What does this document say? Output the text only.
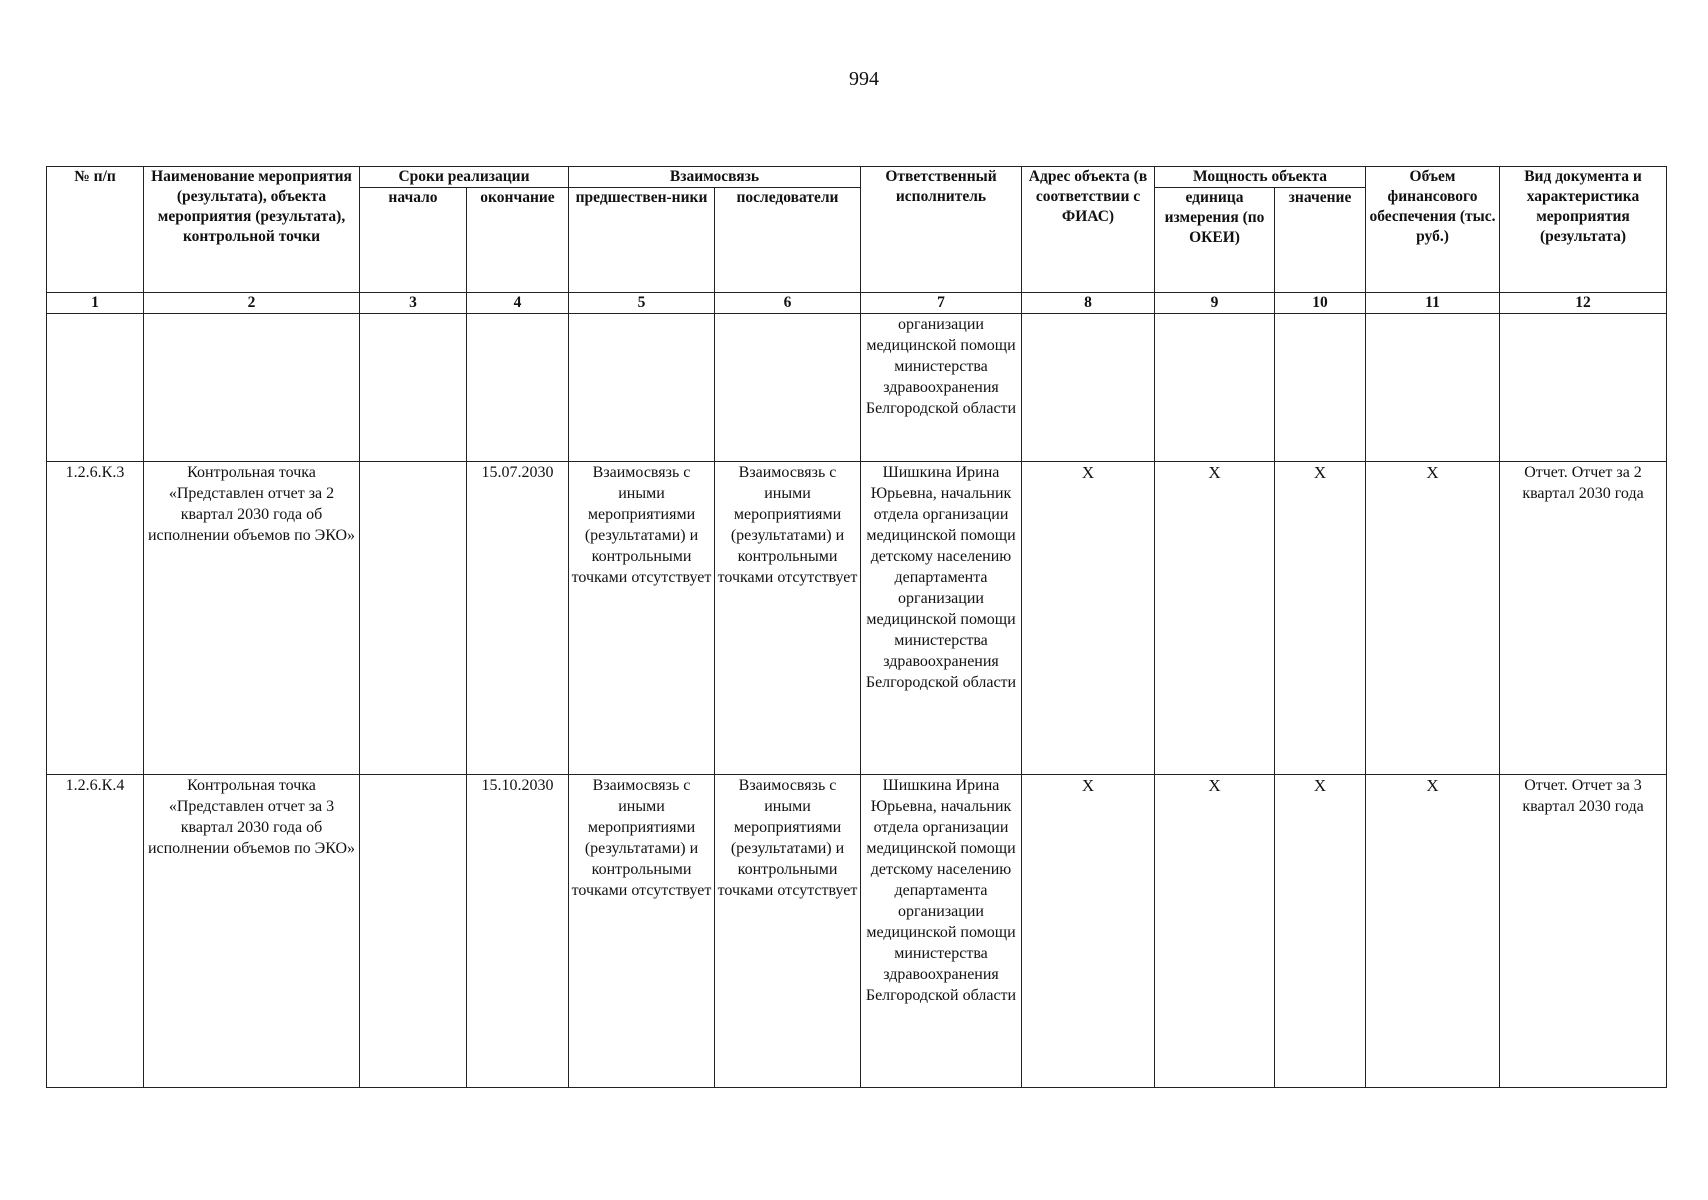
994
№ п/п	Наименование мероприятия (результата), объекта мероприятия (результата), контрольной точки	Сроки реализации		Взаимосвязь		Ответственный исполнитель	Адрес объекта (в соответствии с ФИАС)	Мощность объекта		Объем финансового обеспечения (тыс. руб.)	Вид документа и характеристика мероприятия (результата)
		начало	окончание	предшествен-ники	последователи			единица измерения (по ОКЕИ)	значение		
1	2	3	4	5	6	7	8	9	10	11	12
						организации медицинской помощи министерства здравоохранения Белгородской области					
1.2.6.К.3	Контрольная точка «Представлен отчет за 2 квартал 2030 года об исполнении объемов по ЭКО»		15.07.2030	Взаимосвязь с иными мероприятиями (результатами) и контрольными точками отсутствует	Взаимосвязь с иными мероприятиями (результатами) и контрольными точками отсутствует	Шишкина Ирина Юрьевна, начальник отдела организации медицинской помощи детскому населению департамента организации медицинской помощи министерства здравоохранения Белгородской области	X	X	X	X	Отчет. Отчет за 2 квартал 2030 года
1.2.6.К.4	Контрольная точка «Представлен отчет за 3 квартал 2030 года об исполнении объемов по ЭКО»		15.10.2030	Взаимосвязь с иными мероприятиями (результатами) и контрольными точками отсутствует	Взаимосвязь с иными мероприятиями (результатами) и контрольными точками отсутствует	Шишкина Ирина Юрьевна, начальник отдела организации медицинской помощи детскому населению департамента организации медицинской помощи министерства здравоохранения Белгородской области	X	X	X	X	Отчет. Отчет за 3 квартал 2030 года
